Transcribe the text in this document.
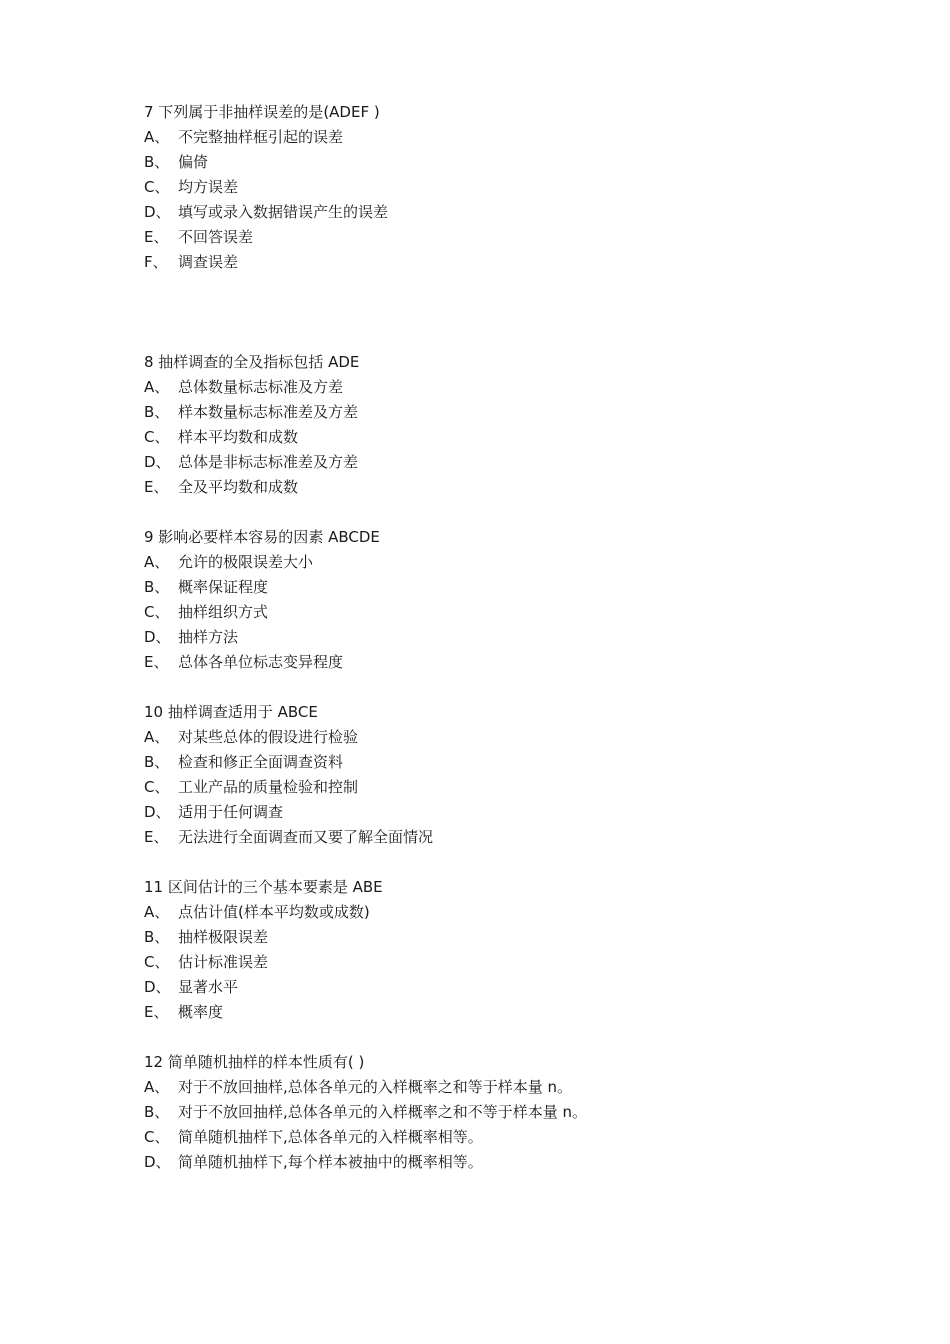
7 下列属于非抽样误差的是(ADEF )
A、 不完整抽样框引起的误差
B、 偏倚
C、 均方误差
D、 填写或录入数据错误产生的误差
E、 不回答误差
F、 调查误差
8 抽样调查的全及指标包括 ADE
A、 总体数量标志标准及方差
B、 样本数量标志标准差及方差
C、 样本平均数和成数
D、 总体是非标志标准差及方差
E、 全及平均数和成数
9 影响必要样本容易的因素 ABCDE
A、 允许的极限误差大小
B、 概率保证程度
C、 抽样组织方式
D、 抽样方法
E、 总体各单位标志变异程度
10 抽样调查适用于 ABCE
A、 对某些总体的假设进行检验
B、 检查和修正全面调查资料
C、 工业产品的质量检验和控制
D、 适用于任何调查
E、 无法进行全面调查而又要了解全面情况
11 区间估计的三个基本要素是 ABE
A、 点估计值(样本平均数或成数)
B、 抽样极限误差
C、 估计标准误差
D、 显著水平
E、 概率度
12 简单随机抽样的样本性质有( )
A、 对于不放回抽样,总体各单元的入样概率之和等于样本量 n。
B、 对于不放回抽样,总体各单元的入样概率之和不等于样本量 n。
C、 简单随机抽样下,总体各单元的入样概率相等。
D、 简单随机抽样下,每个样本被抽中的概率相等。
